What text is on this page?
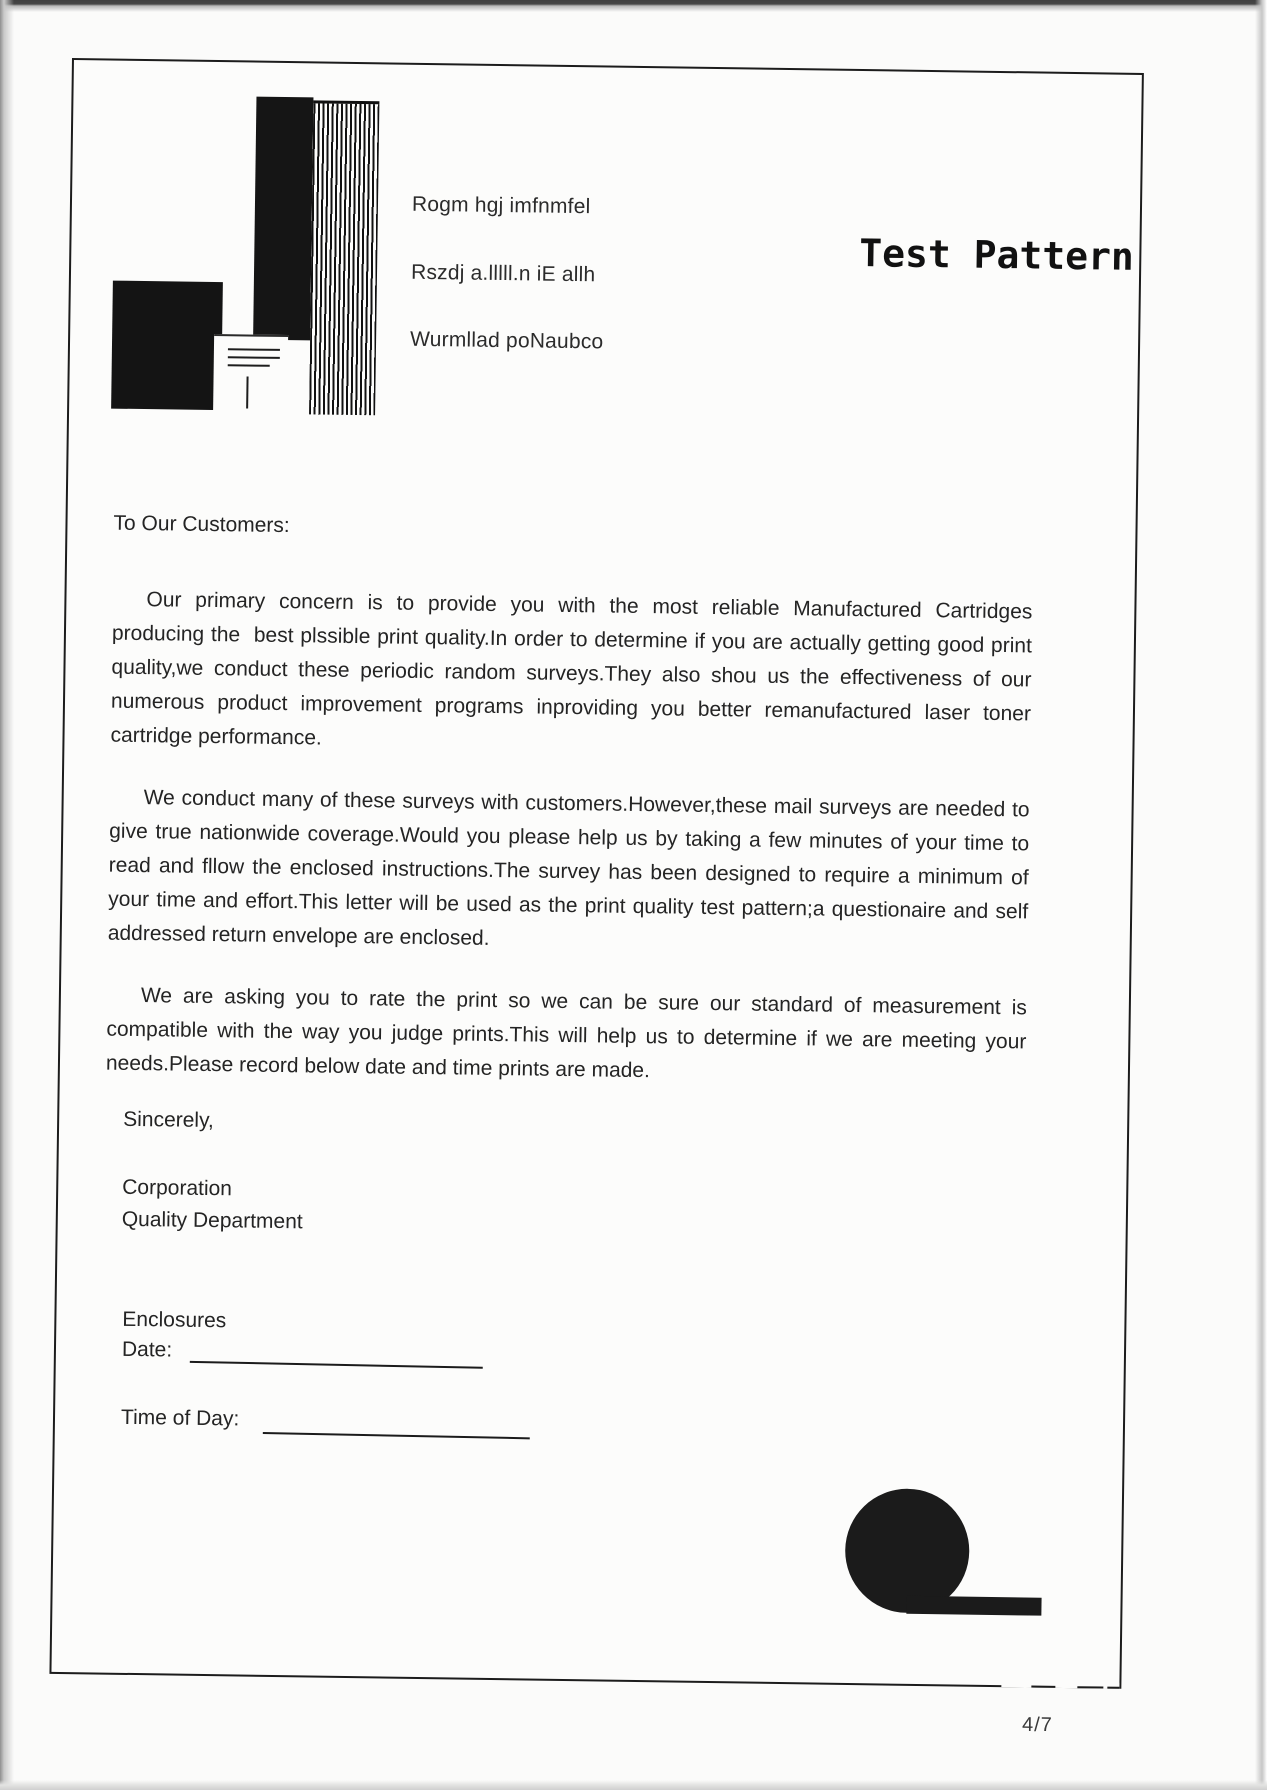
Rogm hgj imfnmfel
Rszdj a.lllll.n iE allh
Wurmllad poNaubco
Test Pattern
To Our Customers:
Our primary concern is to provide you with the most reliable Manufactured Cartridges
producing the  best plssible print quality.In order to determine if you are actually getting good print
quality,we conduct these periodic random surveys.They also shou us the effectiveness of our
numerous product improvement programs inproviding you better remanufactured laser toner
cartridge performance.
We conduct many of these surveys with customers.However,these mail surveys are needed to
give true nationwide coverage.Would you please help us by taking a few minutes of your time to
read and fllow the enclosed instructions.The survey has been designed to require a minimum of
your time and effort.This letter will be used as the print quality test pattern;a questionaire and self
addressed return envelope are enclosed.
We are asking you to rate the print so we can be sure our standard of measurement is
compatible with the way you judge prints.This will help us to determine if we are meeting your
needs.Please record below date and time prints are made.
Sincerely,
Corporation
Quality Department
Enclosures
Date:
Time of Day:
4/7
